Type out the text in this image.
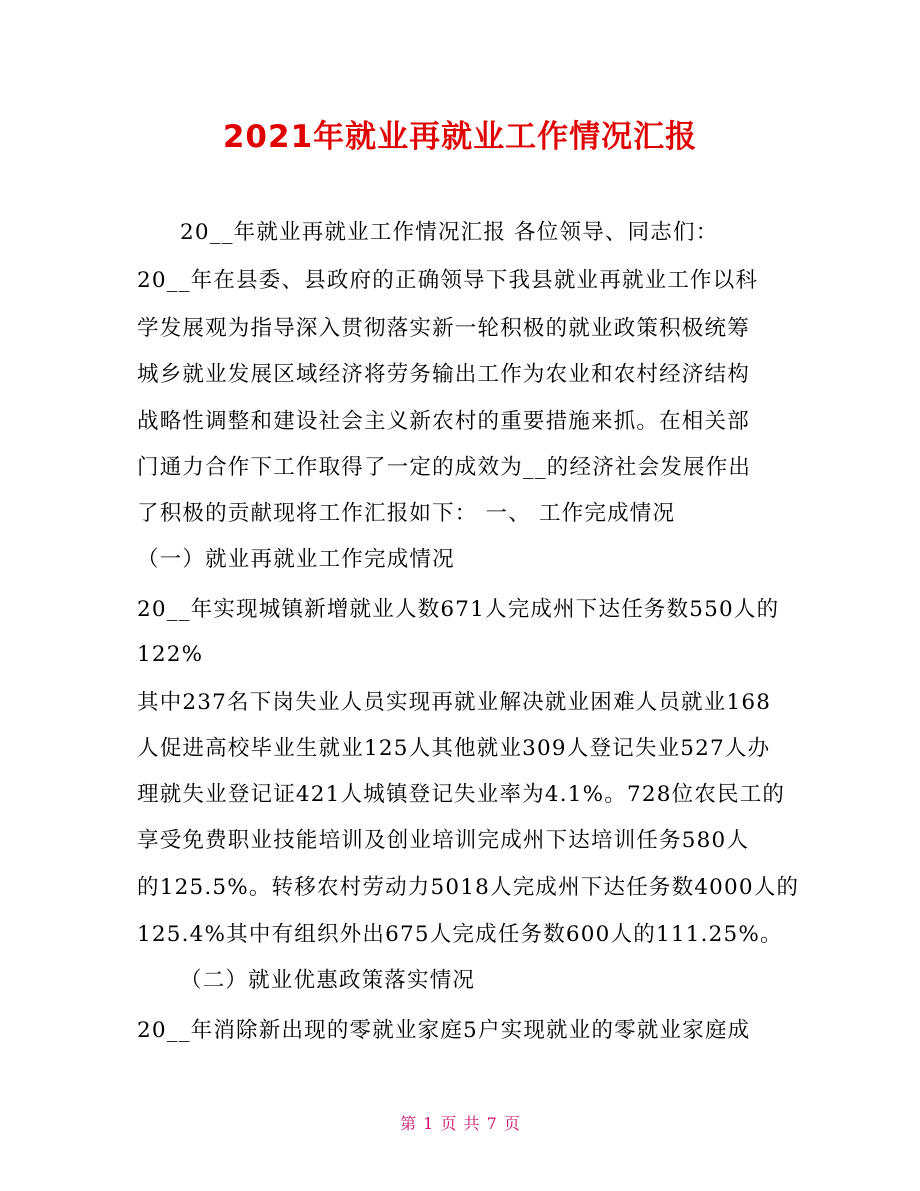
2021年就业再就业工作情况汇报
20__年就业再就业工作情况汇报 各位领导、同志们：
20__年在县委、县政府的正确领导下我县就业再就业工作以科
学发展观为指导深入贯彻落实新一轮积极的就业政策积极统筹
城乡就业发展区域经济将劳务输出工作为农业和农村经济结构
战略性调整和建设社会主义新农村的重要措施来抓。在相关部
门通力合作下工作取得了一定的成效为__的经济社会发展作出
了积极的贡献现将工作汇报如下： 一、 工作完成情况
（一）就业再就业工作完成情况
20__年实现城镇新增就业人数671人完成州下达任务数550人的
122%
其中237名下岗失业人员实现再就业解决就业困难人员就业168
人促进高校毕业生就业125人其他就业309人登记失业527人办
理就失业登记证421人城镇登记失业率为4.1%。728位农民工的
享受免费职业技能培训及创业培训完成州下达培训任务580人
的125.5%。转移农村劳动力5018人完成州下达任务数4000人的
125.4%其中有组织外出675人完成任务数600人的111.25%。
（二）就业优惠政策落实情况
20__年消除新出现的零就业家庭5户实现就业的零就业家庭成
第 1 页 共 7 页
